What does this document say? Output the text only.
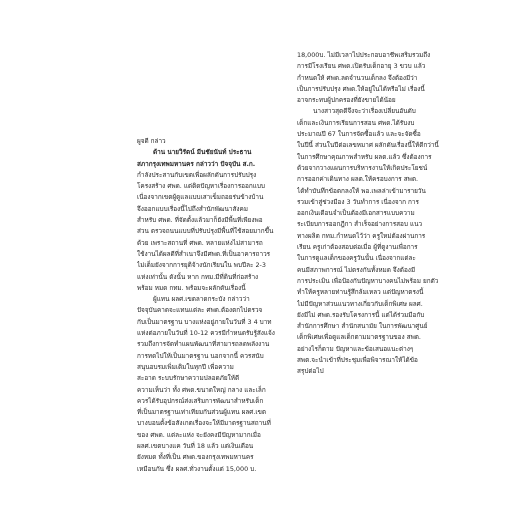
ผูจดี กล่าว

ด้าน นายวิรัตน์ มีนชัยนันท์ ประธาน

สภากรุงเทพมหานคร กล่าวว่า ปัจจุบัน ส.ก.

กำลังประสานกับเขตเพื่อผลักดันการปรับปรุง

โครงสร้าง ศพด. แต่ติดปัญหาเรื่องการออกแบบ

เนื่องจากเขตผู้ดูแลแบบเสาเข็มถอยร่นข้างบ้าน

จึงออกแบบเรื่องนี้ไปถึงสำนักพัฒนาสังคม

สำหรับ ศพด. ที่จัดตั้งแล้วมาก็ยังมีพื้นที่เพียงพอ

ส่วน ตรวจถนนแบบที่ปรับปรุงมีพื้นที่ใช้สอยมากขึ้น

ด้วย เพราะสถานที่ ศพด. หลายแห่งไม่สามารถ

ใช้งานได้ผลดีที่สำเนาจึงมีศพด.ที่เป็นอาคารถาวร

ไม่เต็มยังจากการยุติจ้างนักเรียนใน พบปีละ 2-3

แห่งเท่านั้น ดังนั้น หาก กทม.มีที่ดินที่ก่อสร้าง

พร้อม หมด กทม. พร้อมจะผลักดันเรื่องนี้

ผู้แทน ผลศ.เขตลาดกระบัง กล่าวว่า

ปัจจุบันคาดจะแทนแต่ละ ศพด.ต้องตกไปตรวจ

กับเป็นมาตรฐาน บางแห่งอยู่ภายในวันที่ 3 4 บาท

แห่งต่อภายในวันที่ 10-12 ควรมีกำหนดรับรู้สังแจ้ง

รวมถึงการจัดทำแผนพัฒนาที่สามารถลดพลังงาน

การทดไปให้เป็นมาตรฐาน นอกจากนี้ ควรสนับ

สนุนอบรมเพิ่มเติมในทุกปี เพื่อความ

สะอาด ระบบรักษาความปลอดภัยให้ดี

ความเห็นว่า ทั้ง ศพด.ขนาดใหญ่ กลาง และเล็ก

ควรได้รับอุปกรณ์ส่งเสริมการพัฒนาสำหรับเด็ก

ที่เป็นมาตรฐานเท่าเทียมกันส่วนผู้แทน ผลศ.เขต

บางบอนตั้งข้อสังเกตเรื่องจะให้มีมาตรฐานสถานที่

ของ ศพด. แต่ละแห่ง จะยังคงมีปัญหามากเมื่อ

ผลศ.เขตบางแค วันที่ 18 แล้ว แต่เงินเดือน

ยังหมด ทั้งที่เป็น ศพด.ของกรุงเทพมหานคร

เหมือนกัน ซึ่ง ผลศ.ทั่วงานตั้งแต่ 15,000 บ.

18,000บ. ไม่มีเวลาไปประกอบอาชีพเสริมรวมถึง

การมีโรงเรียน ศพด.เปิดรับเด็กอายุ 3 ขวบ แล้ว

กำหนดให้ ศพด.ลดจำนวนเด็กลง จึงต้องมีว่า

เป็นการปรับปรุง ศพด.ให้อยู่ในได้หรือไม่ เรื่องนี้

อาจกระทบผู้ปกครองที่ยังขายได้น้อย

นางสาวสุดดีจึงจะว่าเรื่องเปลี่ยนอันดับ

เด็กและเงินการเรียนการสอน ศพด.ได้รับงบ

ประมาณปี 67 ในการจัดซื้อแล้ว และจะจัดซื้อ

ในปีนี้ ส่วนในปีต่อเลขหมาศ ผลักดันเรื่องนี้ให้ดีกว่านี้

ในการศึกษาคุณภาพสำหรับ ผลต.แล้ว ซึ่งต้องการ

ด้วยจากวางแผนการบริหารงานให้เกิดประโยชน์

การออกค่าเดินทาง ผลต.ให้ครอบงการ สพต.

ได้ทำบันทึกข้อตกลงให้ พอ.เพลล่าเข้ามารายวัน

รวมเข้าสู่ช่วงมือง 3 วันทำการ เนื่องจาก การ

ออกเงินเดือนจำเป็นต้องมีเอกสารแบบความ

ระเบียบการออกฎีกา สำเร็จอย่างการสอบ แนว

ทางผลิต กทม.กำหนดไว้ว่า ครูใหม่ต้องผ่านการ

เรียน ครูเก่าต้องสอบต่อเมื่อ ผู้ที่ดูงานเพื่อการ

ในการดูแลเด็กของครูวันนั้น เนื่องจากแต่ละ

คนมีสภาพการณ์ ไม่ตรงกันทั้งหมด จึงต้องมี

การประเมิน เพื่อป้องกันปัญหาบางคนไม่พร้อม ยกตัว

ทำให้ครูหลายท่านรู้สึกล้มเหลว แต่ปัญหาตรงนี้

ไม่มีปัญหาส่วนแนวทางเกี่ยวกับเด็กพิเศษ ผลศ.

ยังมีไม่ ศพด.รองรับโครงการนี้ แต่ได้ร่วมมือกับ

สำนักการศึกษา สำนักสนามัย ในการพัฒนาศูนย์

เด็กพิเศษเพื่อดูแลเด็กตามมาตรฐานของ สพต.

อย่างไรก็ตาม ปัญหาและข้อเสนอแนะต่างๆ

สพต.จะนำเข้าที่ประชุมเพื่อพิจารณาให้ได้ข้อ

สรุปต่อไป
